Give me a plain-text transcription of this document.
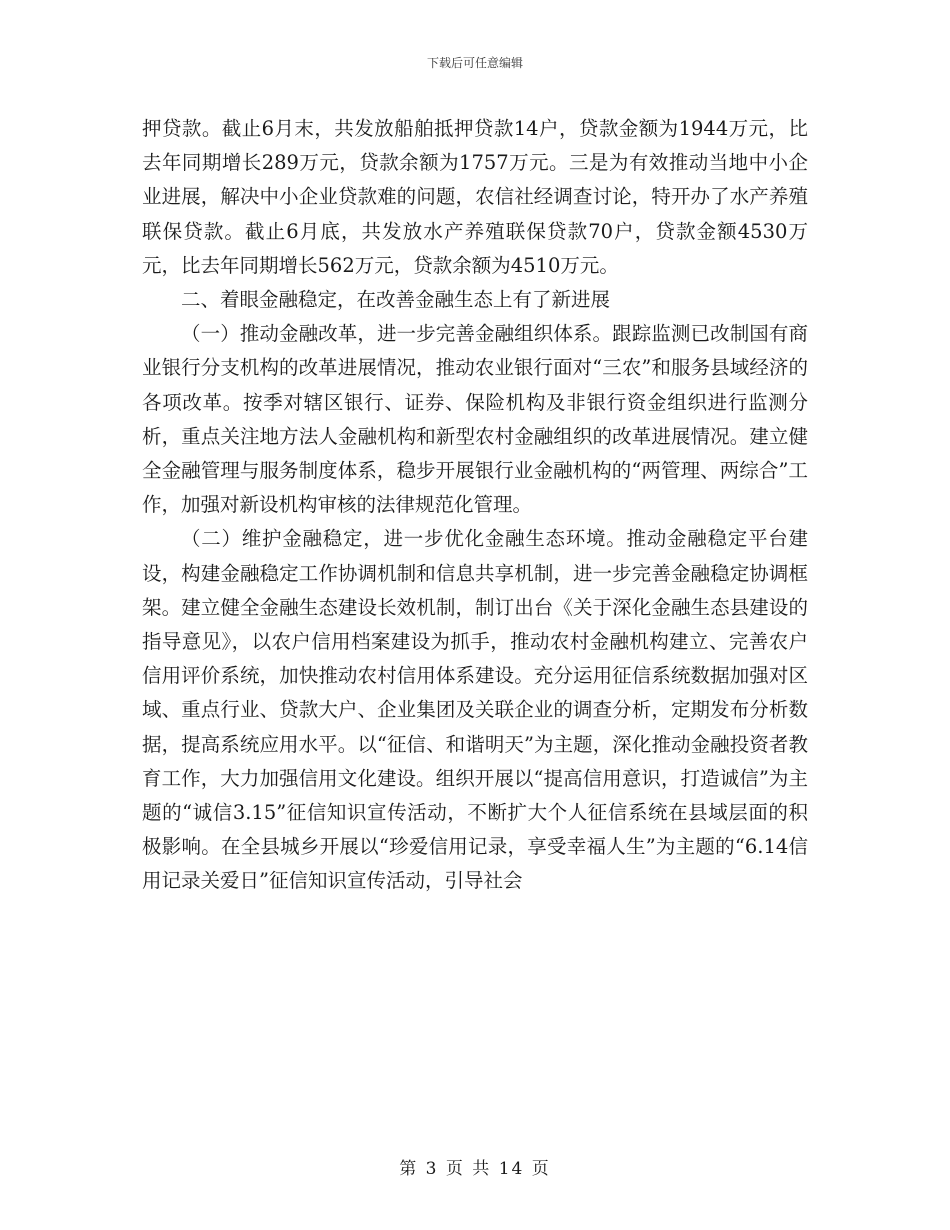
下载后可任意编辑

押贷款。截止6月末，共发放船舶抵押贷款14户，贷款金额为1944万元，比去年同期增长289万元，贷款余额为1757万元。三是为有效推动当地中小企业进展，解决中小企业贷款难的问题，农信社经调查讨论，特开办了水产养殖联保贷款。截止6月底，共发放水产养殖联保贷款70户，贷款金额4530万元，比去年同期增长562万元，贷款余额为4510万元。

二、着眼金融稳定，在改善金融生态上有了新进展

（一）推动金融改革，进一步完善金融组织体系。跟踪监测已改制国有商业银行分支机构的改革进展情况，推动农业银行面对“三农”和服务县域经济的各项改革。按季对辖区银行、证券、保险机构及非银行资金组织进行监测分析，重点关注地方法人金融机构和新型农村金融组织的改革进展情况。建立健全金融管理与服务制度体系，稳步开展银行业金融机构的“两管理、两综合”工作，加强对新设机构审核的法律规范化管理。

（二）维护金融稳定，进一步优化金融生态环境。推动金融稳定平台建设，构建金融稳定工作协调机制和信息共享机制，进一步完善金融稳定协调框架。建立健全金融生态建设长效机制，制订出台《关于深化金融生态县建设的指导意见》，以农户信用档案建设为抓手，推动农村金融机构建立、完善农户信用评价系统，加快推动农村信用体系建设。充分运用征信系统数据加强对区域、重点行业、贷款大户、企业集团及关联企业的调查分析，定期发布分析数据，提高系统应用水平。以“征信、和谐明天”为主题，深化推动金融投资者教育工作，大力加强信用文化建设。组织开展以“提高信用意识，打造诚信”为主题的“诚信3.15”征信知识宣传活动，不断扩大个人征信系统在县域层面的积极影响。在全县城乡开展以“珍爱信用记录，享受幸福人生”为主题的“6.14信用记录关爱日”征信知识宣传活动，引导社会

第 3 页 共 14 页
